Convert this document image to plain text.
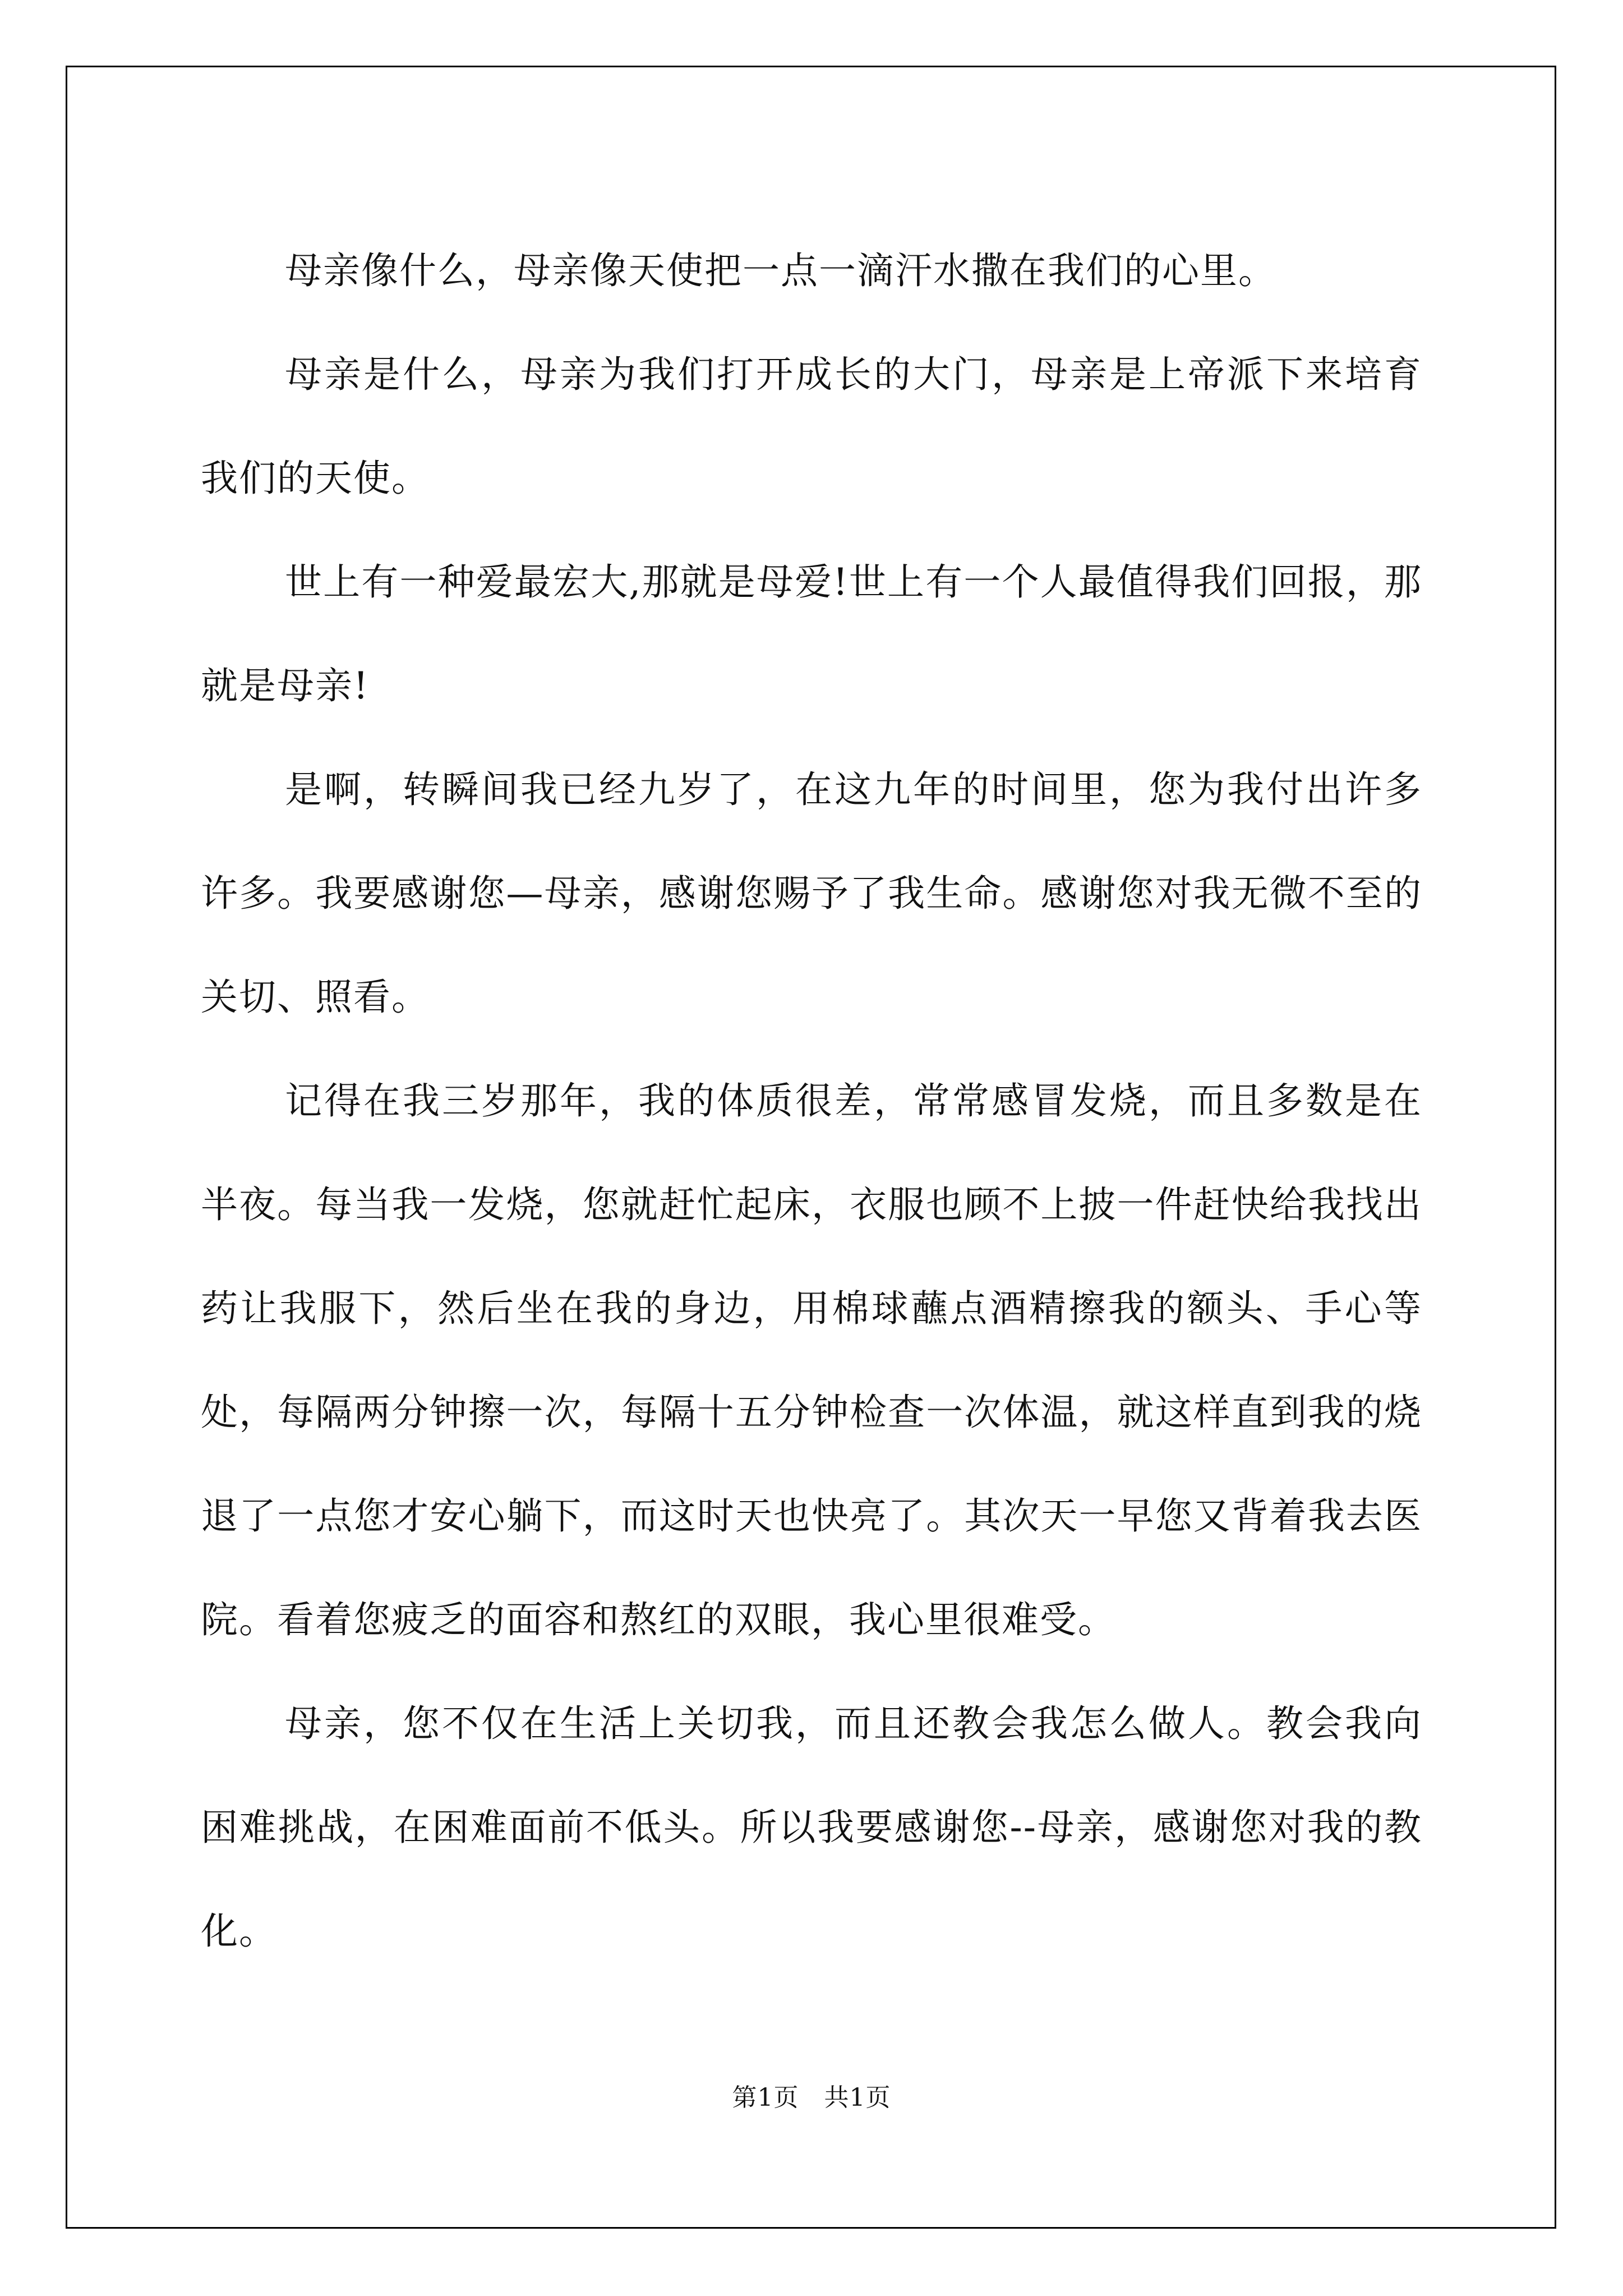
母亲像什么，母亲像天使把一点一滴汗水撒在我们的心里。

母亲是什么，母亲为我们打开成长的大门，母亲是上帝派下来培育我们的天使。

世上有一种爱最宏大,那就是母爱!世上有一个人最值得我们回报，那就是母亲!

是啊，转瞬间我已经九岁了，在这九年的时间里，您为我付出许多许多。我要感谢您—母亲，感谢您赐予了我生命。感谢您对我无微不至的关切、照看。

记得在我三岁那年，我的体质很差，常常感冒发烧，而且多数是在半夜。每当我一发烧，您就赶忙起床，衣服也顾不上披一件赶快给我找出药让我服下，然后坐在我的身边，用棉球蘸点酒精擦我的额头、手心等处，每隔两分钟擦一次，每隔十五分钟检查一次体温，就这样直到我的烧退了一点您才安心躺下，而这时天也快亮了。其次天一早您又背着我去医院。看着您疲乏的面容和熬红的双眼，我心里很难受。

母亲，您不仅在生活上关切我，而且还教会我怎么做人。教会我向困难挑战，在困难面前不低头。所以我要感谢您--母亲，感谢您对我的教化。

第1页　共1页
